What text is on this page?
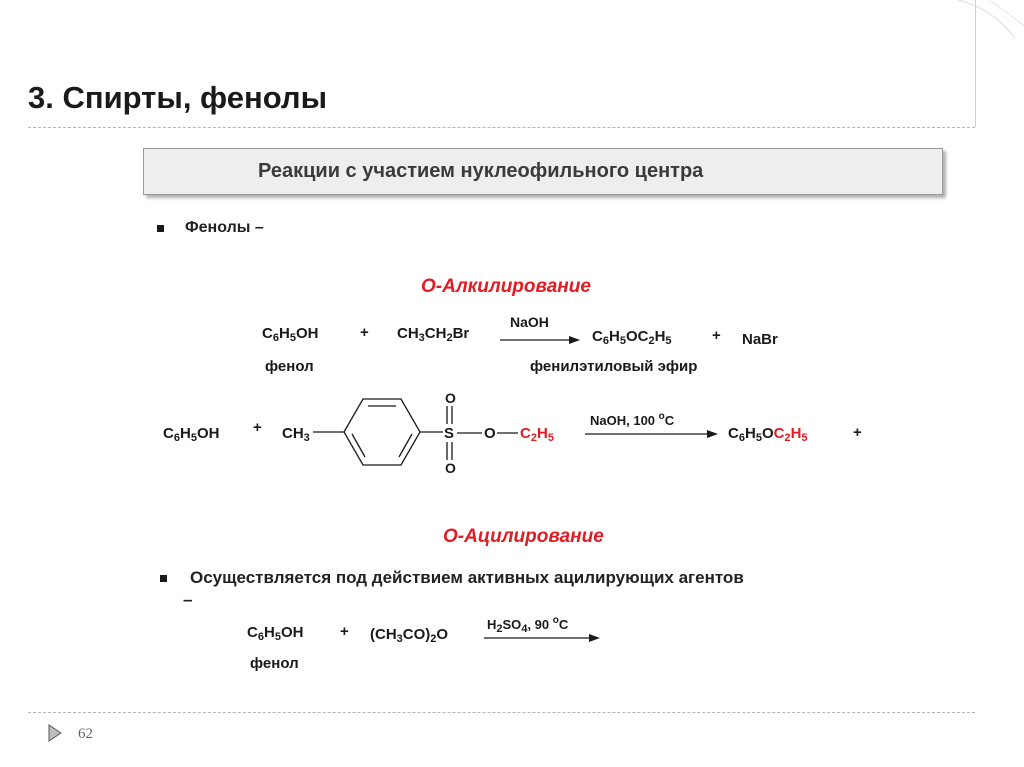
3. Спирты, фенолы
Реакции с участием нуклеофильного центра
Фенолы –
О-Алкилирование
$C_6H_5OH$	+ $CH_3CH_2Br$
NaOH
$C_6H_5OC_2H_5$	+ NaBr
фенол	фенилэтиловый эфир
$C_6H_5OH + CH_3$
O
S
O
O $C_2H_5$
NaOH, 100 $^o$C
$C_6H_5OC_2H_5$	+
О-Ацилирование
Осуществляется под действием активных ацилирующих агентов
–
$C_6H_5OH + (CH_3CO)_2O$
$H_2SO_4$, 90 $^o$C
фенол
62
